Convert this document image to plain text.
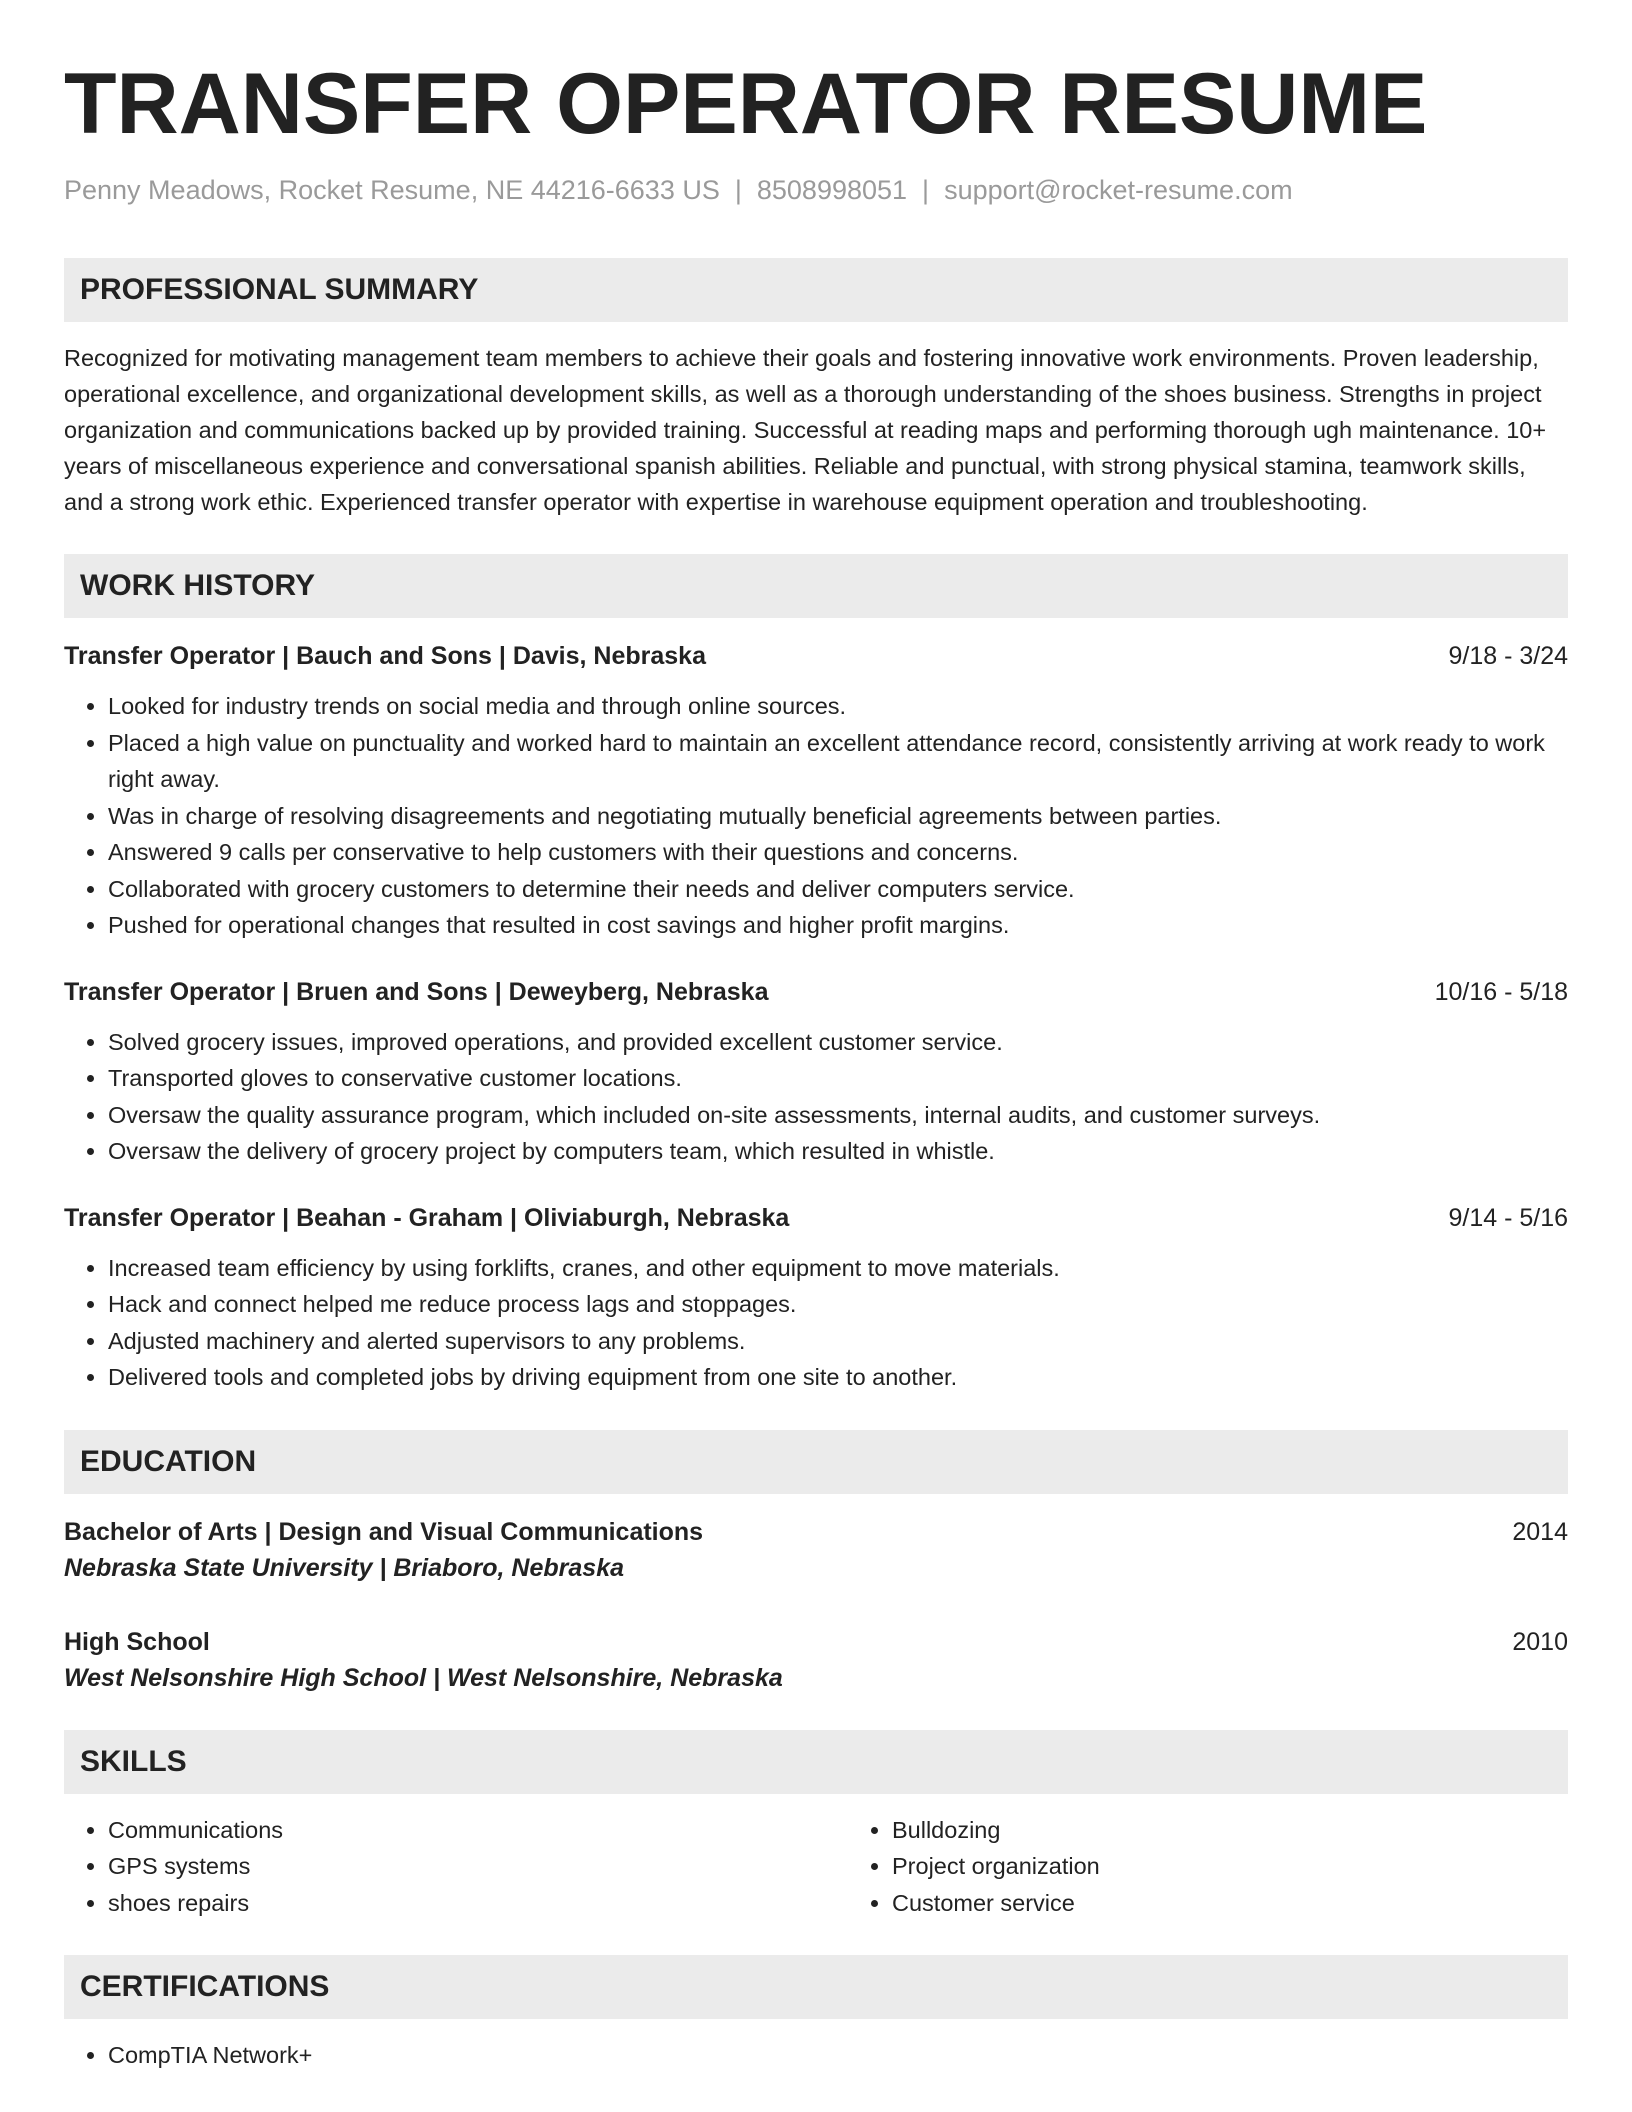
TRANSFER OPERATOR RESUME
Penny Meadows, Rocket Resume, NE 44216-6633 US | 8508998051 | support@rocket-resume.com
PROFESSIONAL SUMMARY
Recognized for motivating management team members to achieve their goals and fostering innovative work environments. Proven leadership, operational excellence, and organizational development skills, as well as a thorough understanding of the shoes business. Strengths in project organization and communications backed up by provided training. Successful at reading maps and performing thorough ugh maintenance. 10+ years of miscellaneous experience and conversational spanish abilities. Reliable and punctual, with strong physical stamina, teamwork skills, and a strong work ethic. Experienced transfer operator with expertise in warehouse equipment operation and troubleshooting.
WORK HISTORY
Transfer Operator | Bauch and Sons | Davis, Nebraska	9/18 - 3/24
• Looked for industry trends on social media and through online sources.
• Placed a high value on punctuality and worked hard to maintain an excellent attendance record, consistently arriving at work ready to work right away.
• Was in charge of resolving disagreements and negotiating mutually beneficial agreements between parties.
• Answered 9 calls per conservative to help customers with their questions and concerns.
• Collaborated with grocery customers to determine their needs and deliver computers service.
• Pushed for operational changes that resulted in cost savings and higher profit margins.
Transfer Operator | Bruen and Sons | Deweyberg, Nebraska	10/16 - 5/18
• Solved grocery issues, improved operations, and provided excellent customer service.
• Transported gloves to conservative customer locations.
• Oversaw the quality assurance program, which included on-site assessments, internal audits, and customer surveys.
• Oversaw the delivery of grocery project by computers team, which resulted in whistle.
Transfer Operator | Beahan - Graham | Oliviaburgh, Nebraska	9/14 - 5/16
• Increased team efficiency by using forklifts, cranes, and other equipment to move materials.
• Hack and connect helped me reduce process lags and stoppages.
• Adjusted machinery and alerted supervisors to any problems.
• Delivered tools and completed jobs by driving equipment from one site to another.
EDUCATION
Bachelor of Arts | Design and Visual Communications	2014
Nebraska State University | Briaboro, Nebraska
High School	2010
West Nelsonshire High School | West Nelsonshire, Nebraska
SKILLS
• Communications
• GPS systems
• shoes repairs
• Bulldozing
• Project organization
• Customer service
CERTIFICATIONS
• CompTIA Network+
